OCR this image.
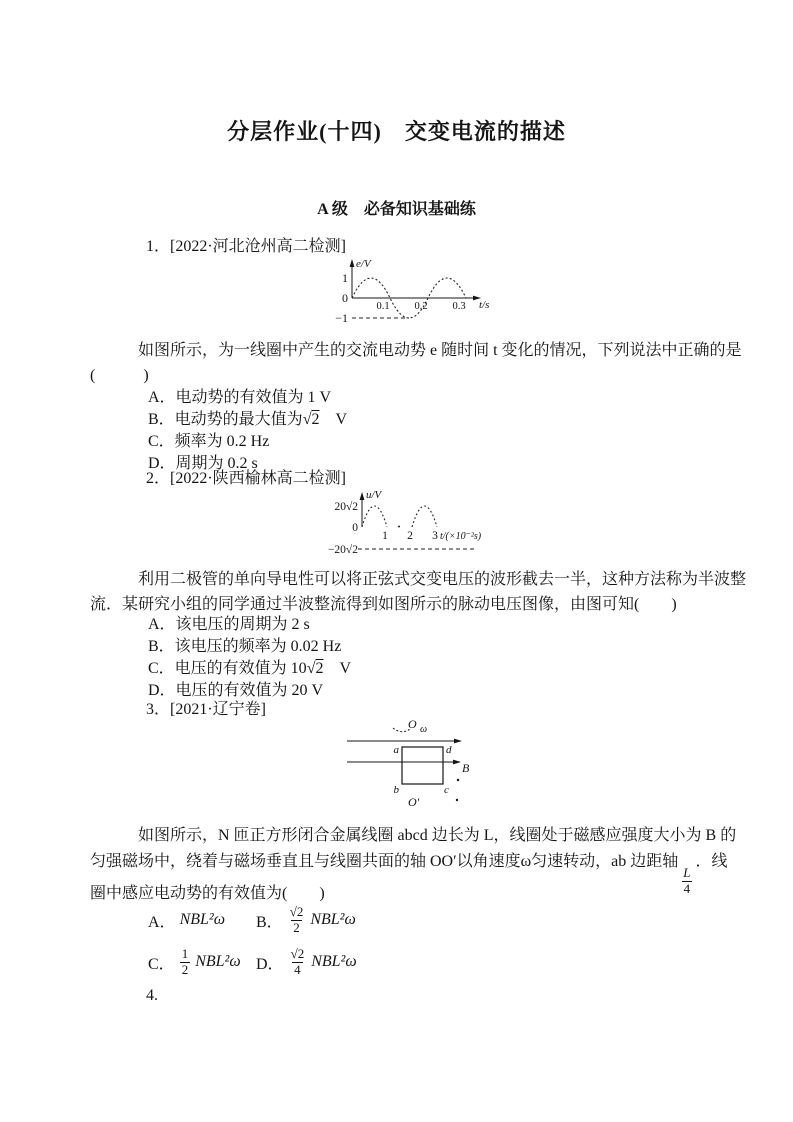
分层作业(十四)　交变电流的描述
A 级　必备知识基础练
1．[2022·河北沧州高二检测]
e/V
1
0
−1
0.1 0.2 0.3 t/s
如图所示，为一线圈中产生的交流电动势 e 随时间 t 变化的情况，下列说法中正确的是
(　　　)
A．电动势的有效值为 1 V
B．电动势的最大值为 √ 2　V
C．频率为 0.2 Hz
D．周期为 0.2 s
2．[2022·陕西榆林高二检测]
u/V
20√2
0
−20√2
1 2 3 t/(×10⁻²s)
利用二极管的单向导电性可以将正弦式交变电压的波形截去一半，这种方法称为半波整
流．某研究小组的同学通过半波整流得到如图所示的脉动电压图像，由图可知(　　)
A．该电压的周期为 2 s
B．该电压的频率为 0.02 Hz
C．电压的有效值为 10 √ 2　V
D．电压的有效值为 20 V
3．[2021·辽宁卷]
O ω
a	d
b	c
B
O′
如图所示，N 匝正方形闭合金属线圈 abcd 边长为 L，线圈处于磁感应强度大小为 B 的
匀强磁场中，绕着与磁场垂直且与线圈共面的轴 OO′以角速度ω匀速转动，ab 边距轴
$\frac{L}{4}$
．线
圈中感应电动势的有效值为(　　)
A． NBL²ω B． $\frac{√2}{2} NBL^2\omega$
C． $\frac{1}{2} NBL^2\omega$ D． $\frac{√2}{4} NBL^2\omega$
4.
